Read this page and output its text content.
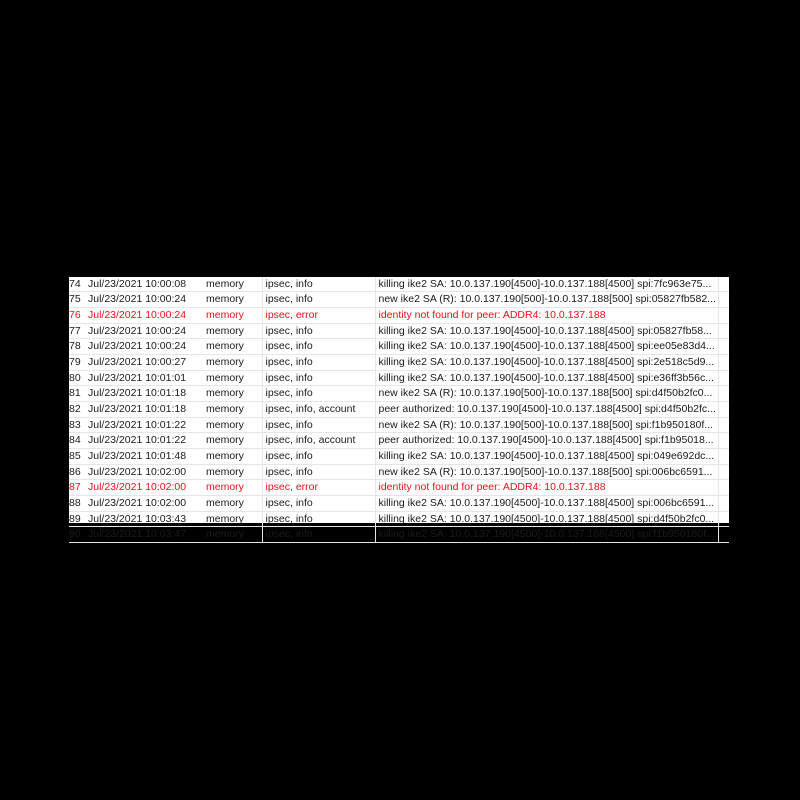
74	Jul/23/2021 10:00:08	memory	ipsec, info	killing ike2 SA: 10.0.137.190[4500]-10.0.137.188[4500] spi:7fc963e75...	
75	Jul/23/2021 10:00:24	memory	ipsec, info	new ike2 SA (R): 10.0.137.190[500]-10.0.137.188[500] spi:05827fb582...	
76	Jul/23/2021 10:00:24	memory	ipsec, error	identity not found for peer: ADDR4: 10.0.137.188	
77	Jul/23/2021 10:00:24	memory	ipsec, info	killing ike2 SA: 10.0.137.190[4500]-10.0.137.188[4500] spi:05827fb58...	
78	Jul/23/2021 10:00:24	memory	ipsec, info	killing ike2 SA: 10.0.137.190[4500]-10.0.137.188[4500] spi:ee05e83d4...	
79	Jul/23/2021 10:00:27	memory	ipsec, info	killing ike2 SA: 10.0.137.190[4500]-10.0.137.188[4500] spi:2e518c5d9...	
80	Jul/23/2021 10:01:01	memory	ipsec, info	killing ike2 SA: 10.0.137.190[4500]-10.0.137.188[4500] spi:e36ff3b56c...	
81	Jul/23/2021 10:01:18	memory	ipsec, info	new ike2 SA (R): 10.0.137.190[500]-10.0.137.188[500] spi:d4f50b2fc0...	
82	Jul/23/2021 10:01:18	memory	ipsec, info, account	peer authorized: 10.0.137.190[4500]-10.0.137.188[4500] spi:d4f50b2fc...	
83	Jul/23/2021 10:01:22	memory	ipsec, info	new ike2 SA (R): 10.0.137.190[500]-10.0.137.188[500] spi:f1b950180f...	
84	Jul/23/2021 10:01:22	memory	ipsec, info, account	peer authorized: 10.0.137.190[4500]-10.0.137.188[4500] spi:f1b95018...	
85	Jul/23/2021 10:01:48	memory	ipsec, info	killing ike2 SA: 10.0.137.190[4500]-10.0.137.188[4500] spi:049e692dc...	
86	Jul/23/2021 10:02:00	memory	ipsec, info	new ike2 SA (R): 10.0.137.190[500]-10.0.137.188[500] spi:006bc6591...	
87	Jul/23/2021 10:02:00	memory	ipsec, error	identity not found for peer: ADDR4: 10.0.137.188	
88	Jul/23/2021 10:02:00	memory	ipsec, info	killing ike2 SA: 10.0.137.190[4500]-10.0.137.188[4500] spi:006bc6591...	
89	Jul/23/2021 10:03:43	memory	ipsec, info	killing ike2 SA: 10.0.137.190[4500]-10.0.137.188[4500] spi:d4f50b2fc0...	
90	Jul/23/2021 10:03:47	memory	ipsec, info	killing ike2 SA: 10.0.137.190[4500]-10.0.137.188[4500] spi:f1b950180f...	
